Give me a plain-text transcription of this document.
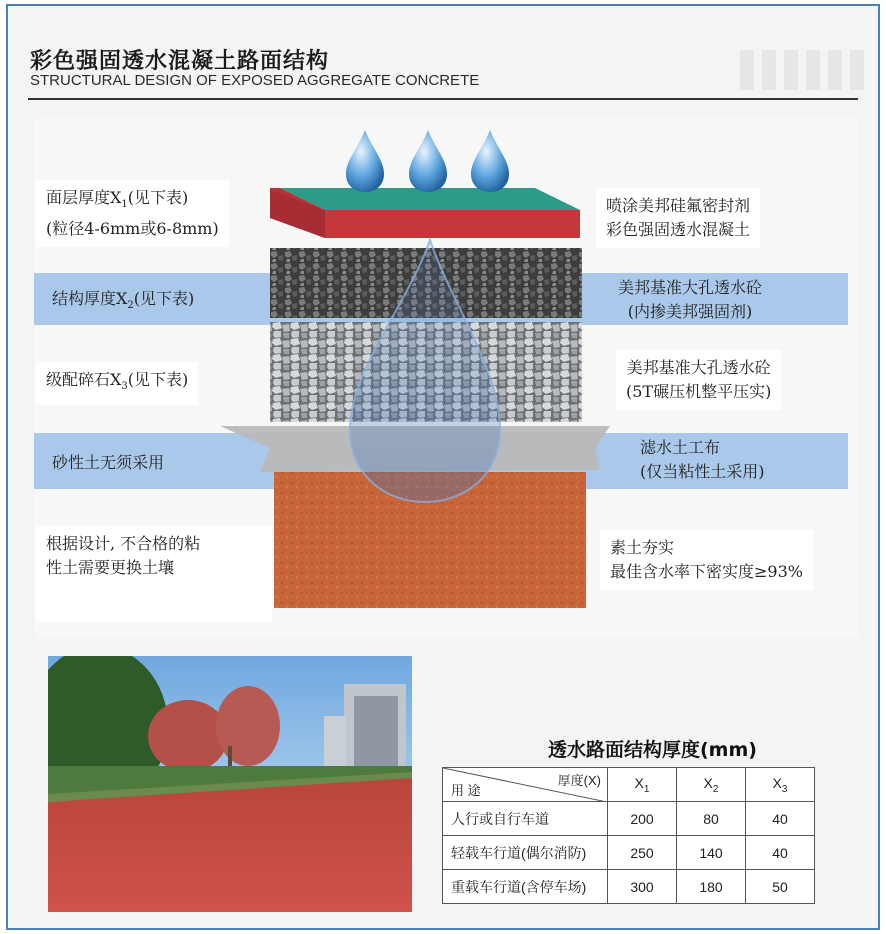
彩色强固透水混凝土路面结构
STRUCTURAL DESIGN OF EXPOSED AGGREGATE CONCRETE
面层厚度$X_1$(见下表)
(粒径4-6mm或6-8mm)
喷涂美邦硅氟密封剂
彩色强固透水混凝土
结构厚度$X_2$(见下表)
美邦基准大孔透水砼
(内掺美邦强固剂)
级配碎石$X_3$(见下表)
美邦基准大孔透水砼
(5T碾压机整平压实)
砂性土无须采用
滤水土工布
(仅当粘性土采用)
根据设计, 不合格的粘
性土需要更换土壤
素土夯实
最佳含水率下密实度≥93%
透水路面结构厚度(mm)
厚度(X)
用 途	$X_1$	$X_2$	$X_3$
人行或自行车道	200	80	40
轻载车行道(偶尔消防)	250	140	40
重载车行道(含停车场)	300	180	50
